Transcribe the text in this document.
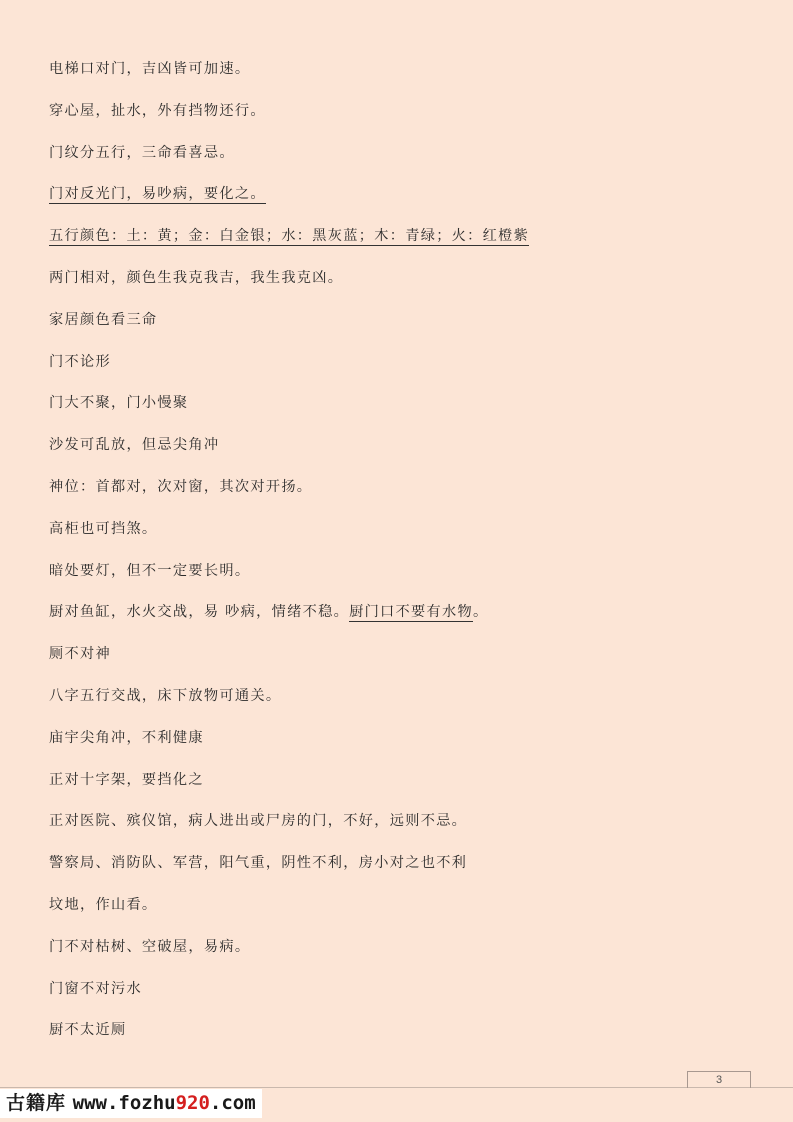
电梯口对门，吉凶皆可加速。
穿心屋，扯水，外有挡物还行。
门纹分五行，三命看喜忌。
门对反光门，易吵病，要化之。
五行颜色：土：黄；金：白金银；水：黑灰蓝；木：青绿；火：红橙紫
两门相对，颜色生我克我吉，我生我克凶。
家居颜色看三命
门不论形
门大不聚，门小慢聚
沙发可乱放，但忌尖角冲
神位：首都对，次对窗，其次对开扬。
高柜也可挡煞。
暗处要灯，但不一定要长明。
厨对鱼缸，水火交战，易 吵病，情绪不稳。厨门口不要有水物。
厕不对神
八字五行交战，床下放物可通关。
庙宇尖角冲，不利健康
正对十字架，要挡化之
正对医院、殡仪馆，病人进出或尸房的门，不好，远则不忌。
警察局、消防队、军营，阳气重，阴性不利，房小对之也不利
坟地，作山看。
门不对枯树、空破屋，易病。
门窗不对污水
厨不太近厕
3
古籍库 www.fozhu920.com
